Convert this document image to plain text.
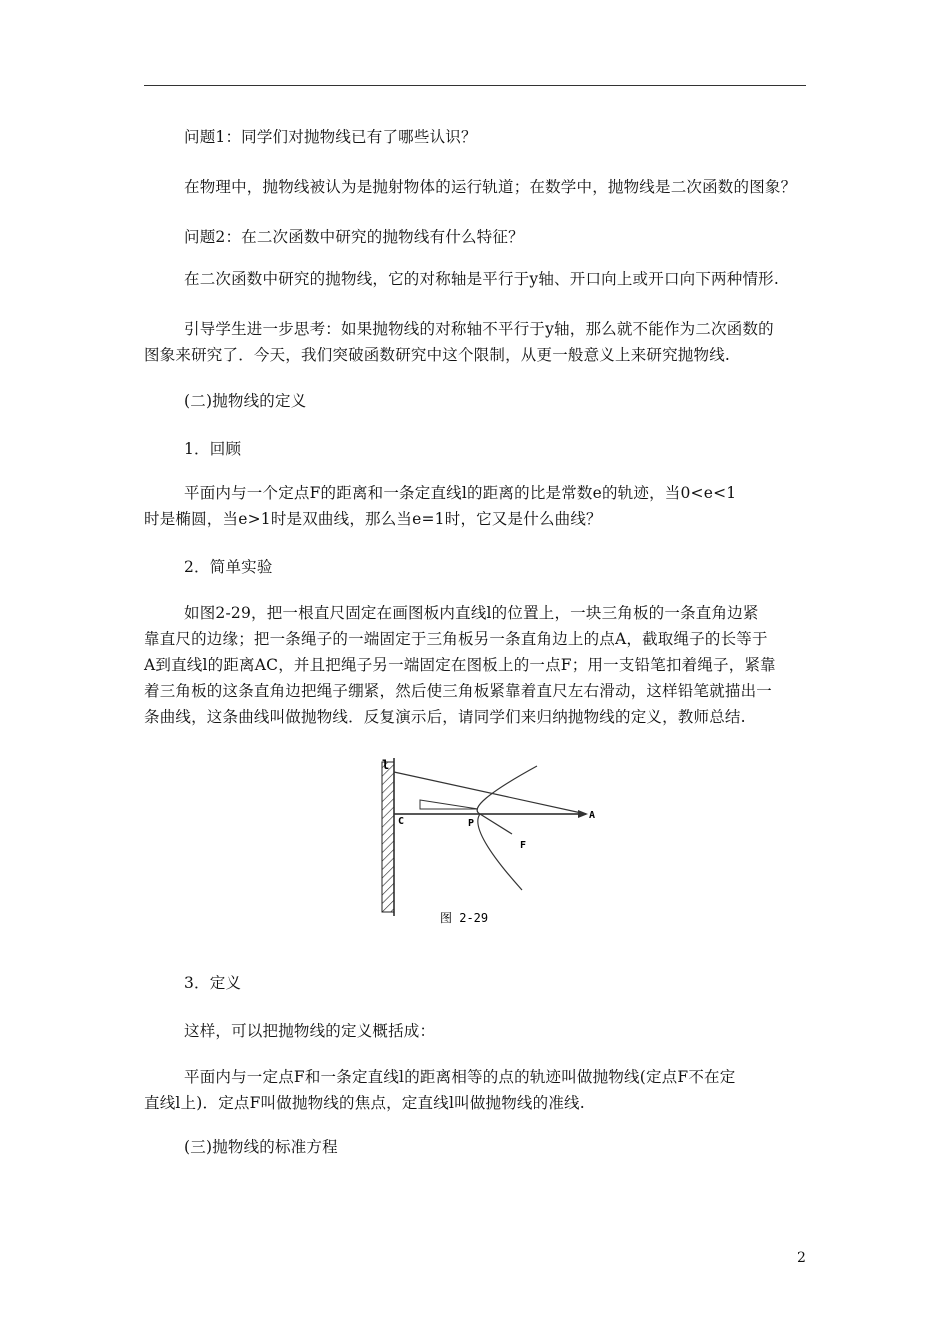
问题1：同学们对抛物线已有了哪些认识？

在物理中，抛物线被认为是抛射物体的运行轨道；在数学中，抛物线是二次函数的图象？

问题2：在二次函数中研究的抛物线有什么特征？

在二次函数中研究的抛物线，它的对称轴是平行于y轴、开口向上或开口向下两种情形.

引导学生进一步思考：如果抛物线的对称轴不平行于y轴，那么就不能作为二次函数的
图象来研究了．今天，我们突破函数研究中这个限制，从更一般意义上来研究抛物线.

(二)抛物线的定义

1．回顾

平面内与一个定点F的距离和一条定直线l的距离的比是常数e的轨迹，当0<e<1
时是椭圆，当e>1时是双曲线，那么当e=1时，它又是什么曲线？

2．简单实验

如图2-29，把一根直尺固定在画图板内直线l的位置上，一块三角板的一条直角边紧
靠直尺的边缘；把一条绳子的一端固定于三角板另一条直角边上的点A，截取绳子的长等于
A到直线l的距离AC，并且把绳子另一端固定在图板上的一点F；用一支铅笔扣着绳子，紧靠
着三角板的这条直角边把绳子绷紧，然后使三角板紧靠着直尺左右滑动，这样铅笔就描出一
条曲线，这条曲线叫做抛物线．反复演示后，请同学们来归纳抛物线的定义，教师总结.

l
C	P
A
F
图 2-29

3．定义

这样，可以把抛物线的定义概括成：

平面内与一定点F和一条定直线l的距离相等的点的轨迹叫做抛物线(定点F不在定
直线l上)．定点F叫做抛物线的焦点，定直线l叫做抛物线的准线.

(三)抛物线的标准方程

2
